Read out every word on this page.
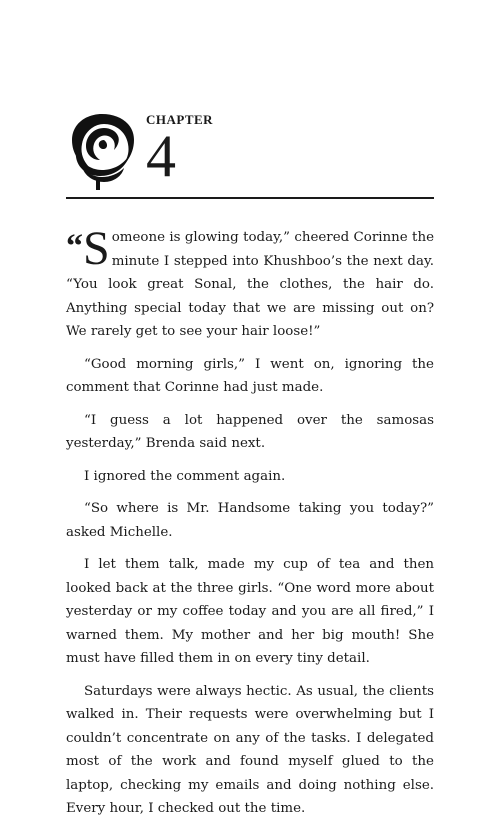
CHAPTER
4

“S omeone is glowing today,” cheered Corinne the minute I stepped into Khushboo’s the next day. “You look great Sonal, the clothes, the hair do. Anything special today that we are missing out on? We rarely get to see your hair loose!”

“Good morning girls,” I went on, ignoring the comment that Corinne had just made.

“I guess a lot happened over the samosas yesterday,” Brenda said next.

I ignored the comment again.

“So where is Mr. Handsome taking you today?” asked Michelle.

I let them talk, made my cup of tea and then looked back at the three girls. “One word more about yesterday or my coffee today and you are all fired,” I warned them. My mother and her big mouth! She must have filled them in on every tiny detail.

Saturdays were always hectic. As usual, the clients walked in. Their requests were overwhelming but I couldn’t concentrate on any of the tasks. I delegated most of the work and found myself glued to the laptop, checking my emails and doing nothing else. Every hour, I checked out the time.
